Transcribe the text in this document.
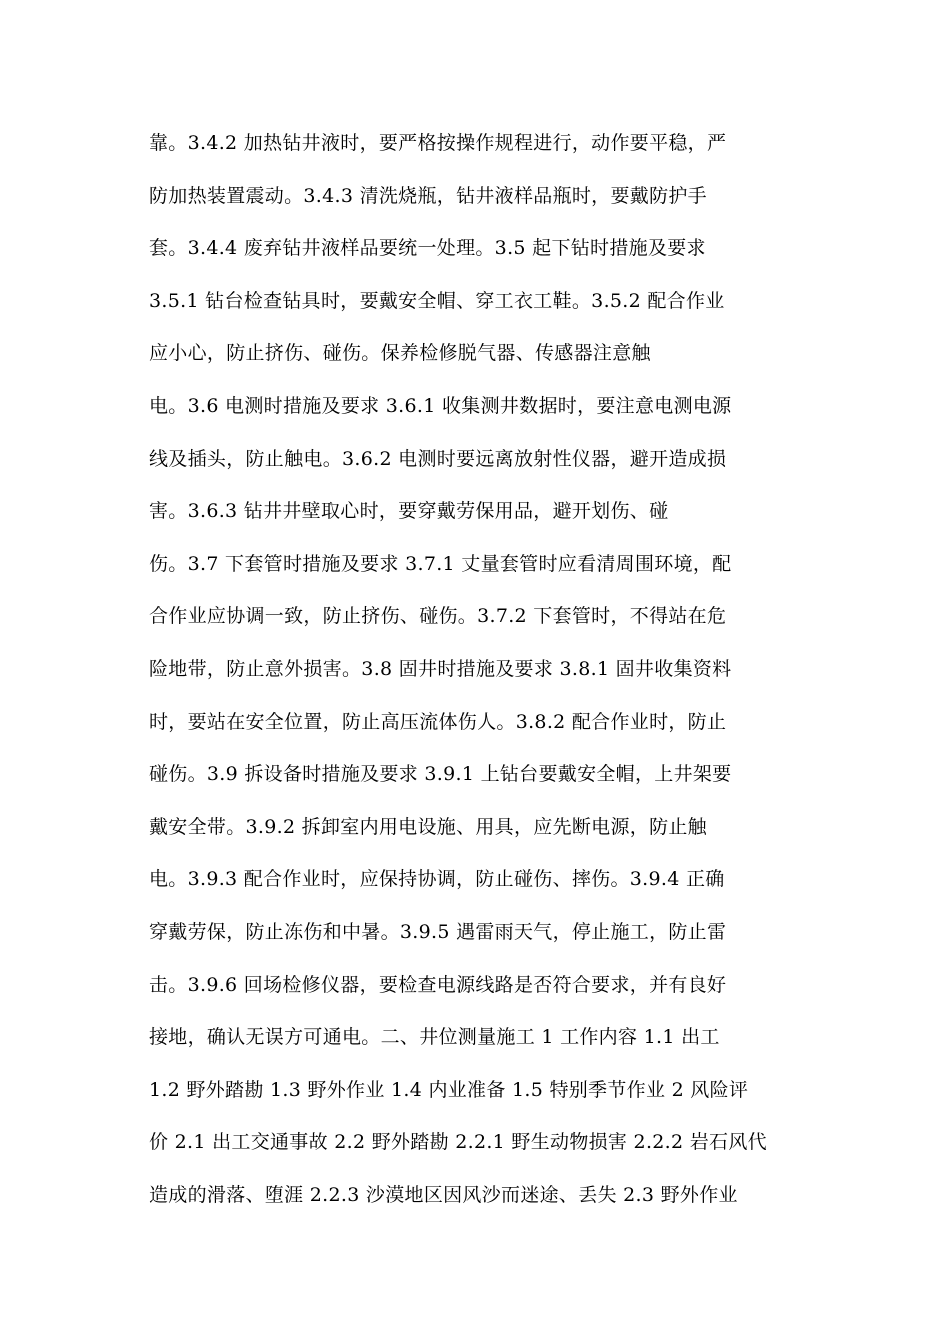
靠。3.4.2 加热钻井液时，要严格按操作规程进行，动作要平稳，严
防加热装置震动。3.4.3 清洗烧瓶，钻井液样品瓶时，要戴防护手
套。3.4.4 废弃钻井液样品要统一处理。3.5 起下钻时措施及要求
3.5.1 钻台检查钻具时，要戴安全帽、穿工衣工鞋。3.5.2 配合作业
应小心，防止挤伤、碰伤。保养检修脱气器、传感器注意触
电。3.6 电测时措施及要求 3.6.1 收集测井数据时，要注意电测电源
线及插头，防止触电。3.6.2 电测时要远离放射性仪器，避开造成损
害。3.6.3 钻井井壁取心时，要穿戴劳保用品，避开划伤、碰
伤。3.7 下套管时措施及要求 3.7.1 丈量套管时应看清周围环境，配
合作业应协调一致，防止挤伤、碰伤。3.7.2 下套管时，不得站在危
险地带，防止意外损害。3.8 固井时措施及要求 3.8.1 固井收集资料
时，要站在安全位置，防止高压流体伤人。3.8.2 配合作业时，防止
碰伤。3.9 拆设备时措施及要求 3.9.1 上钻台要戴安全帽，上井架要
戴安全带。3.9.2 拆卸室内用电设施、用具，应先断电源，防止触
电。3.9.3 配合作业时，应保持协调，防止碰伤、摔伤。3.9.4 正确
穿戴劳保，防止冻伤和中暑。3.9.5 遇雷雨天气，停止施工，防止雷
击。3.9.6 回场检修仪器，要检查电源线路是否符合要求，并有良好
接地，确认无误方可通电。二、井位测量施工 1 工作内容 1.1 出工
1.2 野外踏勘 1.3 野外作业 1.4 内业准备 1.5 特别季节作业 2 风险评
价 2.1 出工交通事故 2.2 野外踏勘 2.2.1 野生动物损害 2.2.2 岩石风代
造成的滑落、堕涯 2.2.3 沙漠地区因风沙而迷途、丢失 2.3 野外作业
